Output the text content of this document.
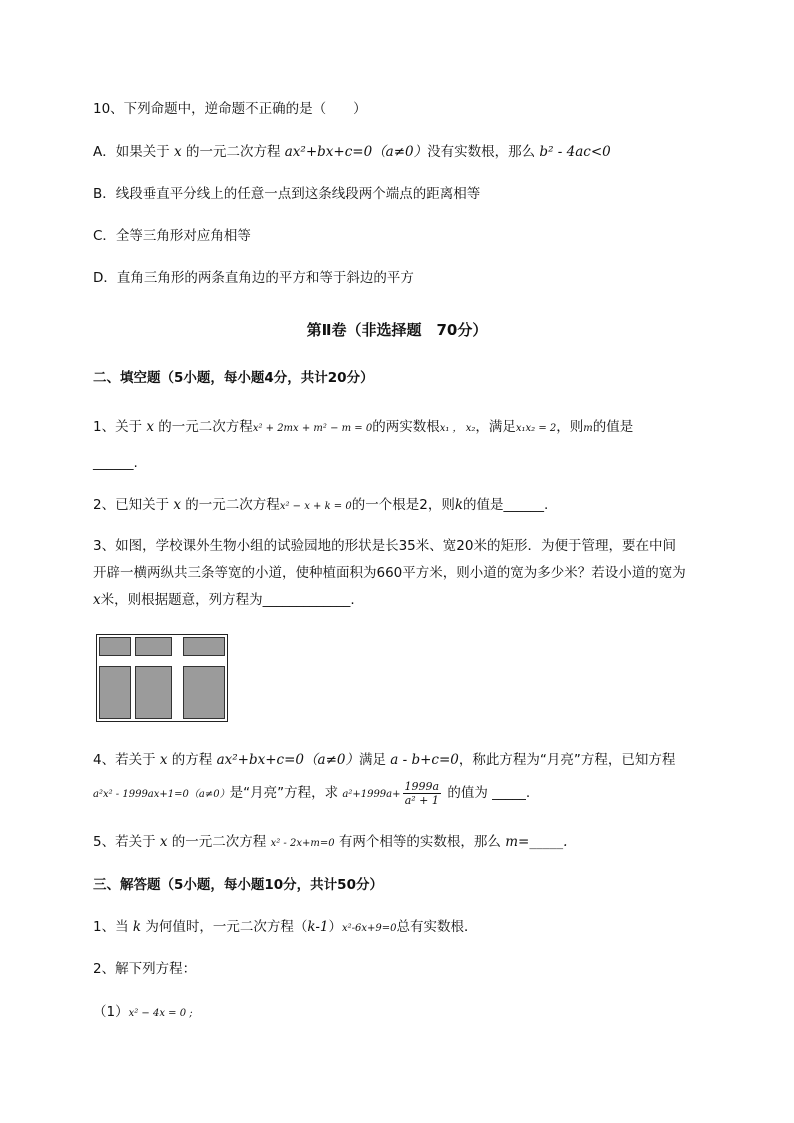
10、下列命题中，逆命题不正确的是（　　）
A．如果关于 x 的一元二次方程 ax²+bx+c=0（a≠0）没有实数根，那么 b² - 4ac<0
B．线段垂直平分线上的任意一点到这条线段两个端点的距离相等
C．全等三角形对应角相等
D．直角三角形的两条直角边的平方和等于斜边的平方
第Ⅱ卷（非选择题　70分）
二、填空题（5小题，每小题4分，共计20分）
1、关于 x 的一元二次方程x² + 2mx + m² − m = 0的两实数根x₁ ， x₂，满足x₁x₂ = 2，则m的值是
______.
2、已知关于 x 的一元二次方程x² − x + k = 0的一个根是2，则k的值是______.
3、如图，学校课外生物小组的试验园地的形状是长35米、宽20米的矩形．为便于管理，要在中间
开辟一横两纵共三条等宽的小道，使种植面积为660平方米，则小道的宽为多少米？若设小道的宽为
x米，则根据题意，列方程为_____________.
4、若关于 x 的方程 ax²+bx+c=0（a≠0）满足 a - b+c=0，称此方程为“月亮”方程，已知方程
a²x² - 1999ax+1=0（a≠0）是“月亮”方程，求 $a^2+1999a+ \frac{1999a}{\text{a² + 1}}$ 的值为 _____.
5、若关于 x 的一元二次方程 x² - 2x+m=0 有两个相等的实数根，那么 m=_____.
三、解答题（5小题，每小题10分，共计50分）
1、当 k 为何值时，一元二次方程（k-1）x²-6x+9=0总有实数根．
2、解下列方程：
（1）x² − 4x = 0 ;
